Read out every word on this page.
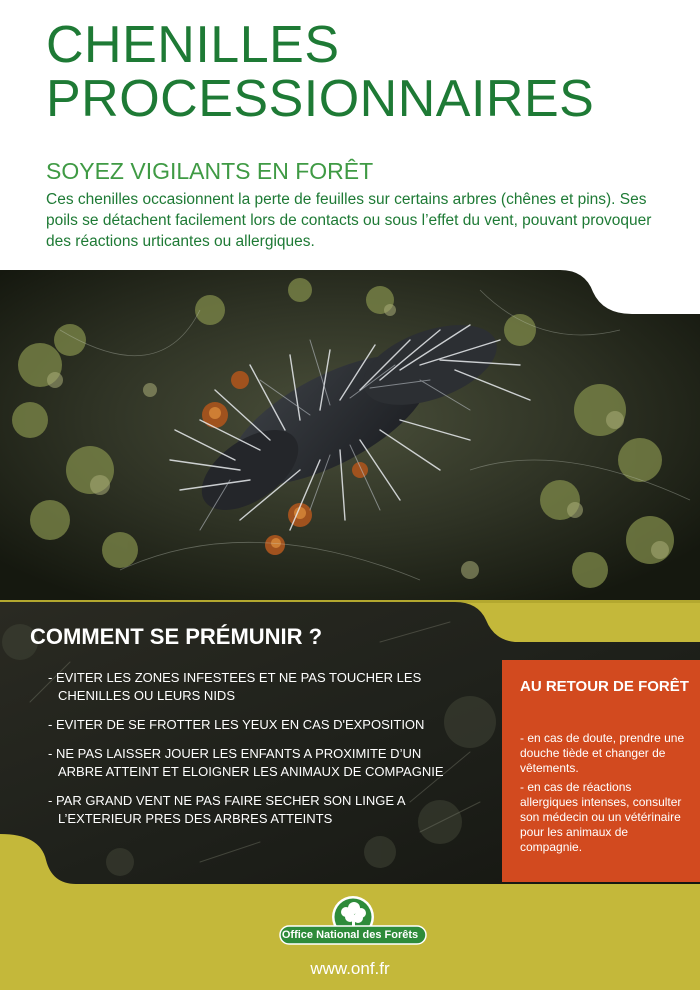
CHENILLES
PROCESSIONNAIRES
SOYEZ VIGILANTS EN FORÊT

Ces chenilles occasionnent la perte de feuilles sur certains arbres (chênes et pins). Ses poils se détachent facilement lors de contacts ou sous l’effet du vent, pouvant provoquer des réactions urticantes ou allergiques.

COMMENT SE PRÉMUNIR ?
- EVITER LES ZONES INFESTEES ET NE PAS TOUCHER LES CHENILLES OU LEURS NIDS
- EVITER DE SE FROTTER LES YEUX EN CAS D'EXPOSITION
- NE PAS LAISSER JOUER LES ENFANTS A PROXIMITE D’UN ARBRE ATTEINT ET ELOIGNER LES ANIMAUX DE COMPAGNIE
- PAR GRAND VENT NE PAS FAIRE SECHER SON LINGE A L’EXTERIEUR PRES DES ARBRES ATTEINTS
AU RETOUR DE FORÊT

- en cas de doute, prendre une douche tiède et changer de vêtements.

- en cas de réactions allergiques intenses, consulter son médecin ou un vétérinaire pour les animaux de compagnie.

Office National des Forêts
www.onf.fr
